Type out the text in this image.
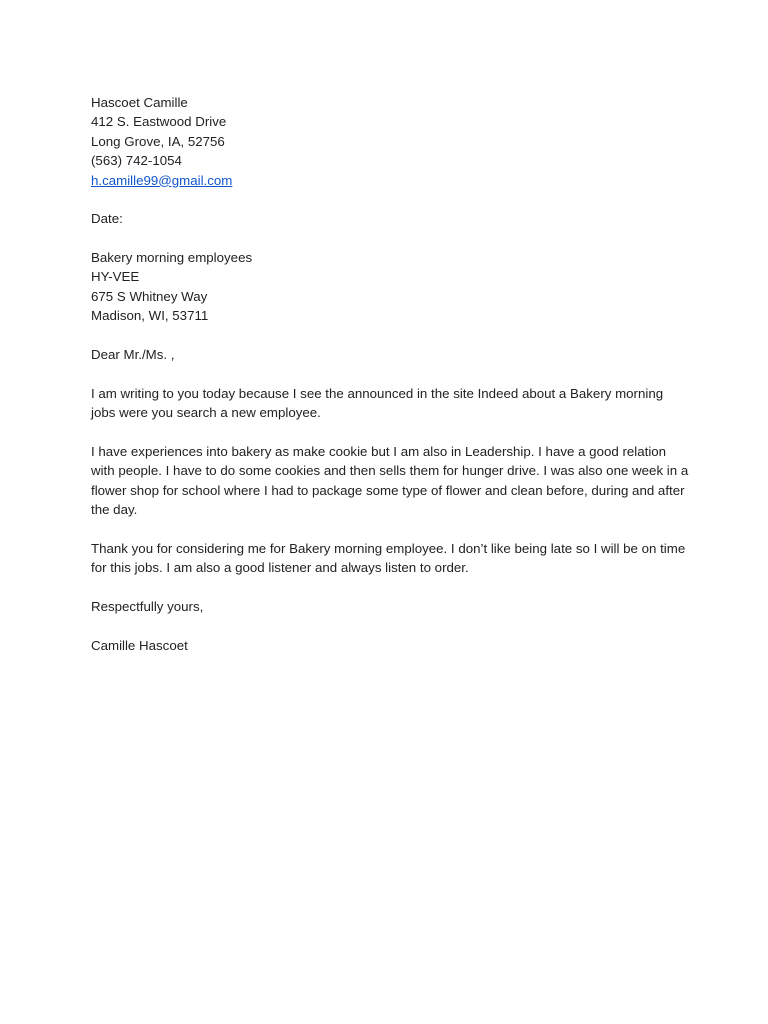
Hascoet Camille
412 S. Eastwood Drive
Long Grove, IA, 52756
(563) 742-1054
h.camille99@gmail.com
Date:
Bakery morning employees
HY-VEE
675 S Whitney Way
Madison, WI, 53711
Dear Mr./Ms. ,
I am writing to you today because I see the announced in the site Indeed about a Bakery morning jobs were you search a new employee.
I have experiences into bakery as make cookie but I am also in Leadership. I have a good relation with people. I have to do some cookies and then sells them for hunger drive. I was also one week in a flower shop for school where I had to package some type of flower and clean before, during and after the day.
Thank you for considering me for Bakery morning employee. I don’t like being late so I will be on time for this jobs. I am also a good listener and always listen to order.
Respectfully yours,
Camille Hascoet
